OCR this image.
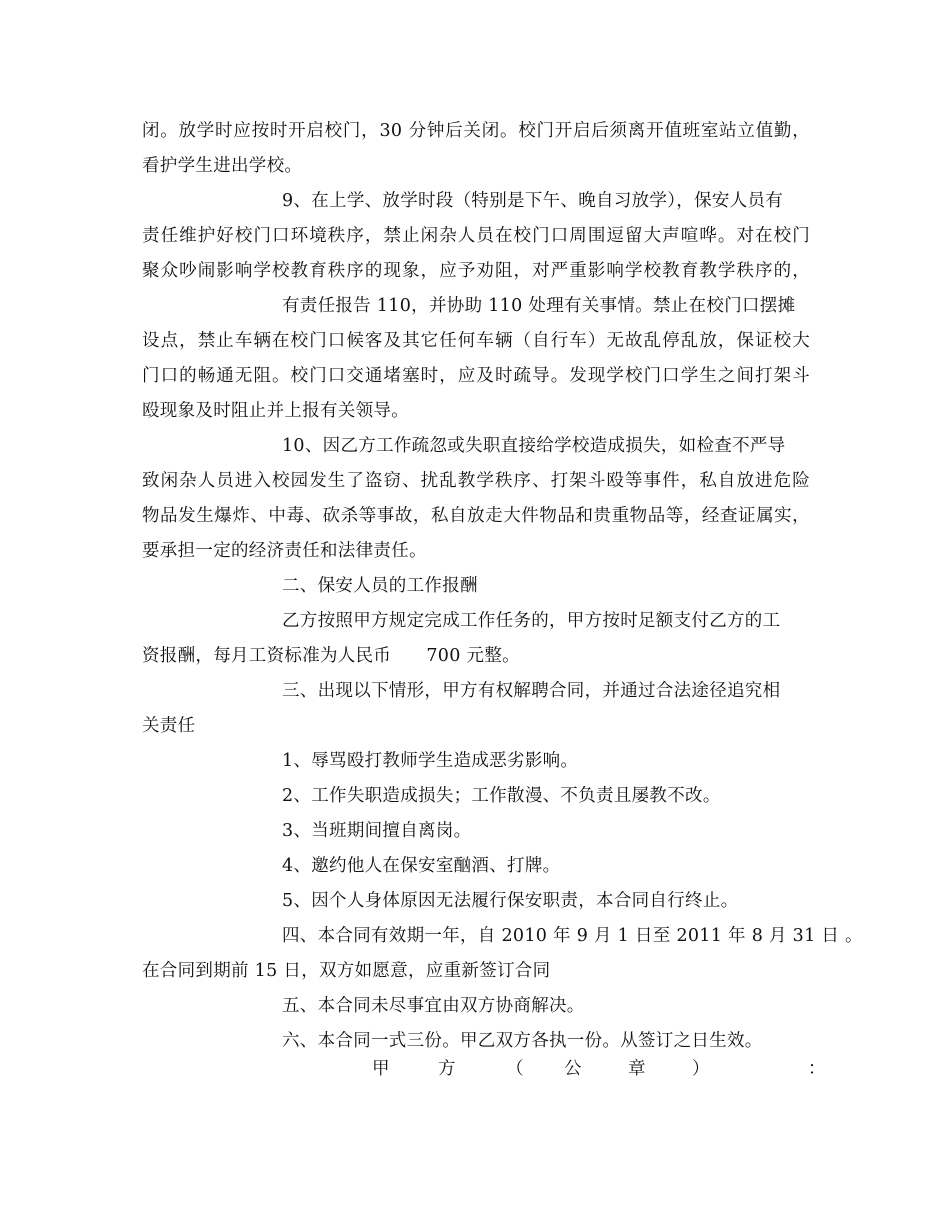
闭。放学时应按时开启校门，30 分钟后关闭。校门开启后须离开值班室站立值勤，
看护学生进出学校。
9、在上学、放学时段（特别是下午、晚自习放学），保安人员有
责任维护好校门口环境秩序，禁止闲杂人员在校门口周围逗留大声喧哗。对在校门
聚众吵闹影响学校教育秩序的现象，应予劝阻，对严重影响学校教育教学秩序的，
有责任报告 110，并协助 110 处理有关事情。禁止在校门口摆摊
设点，禁止车辆在校门口候客及其它任何车辆（自行车）无故乱停乱放，保证校大
门口的畅通无阻。校门口交通堵塞时，应及时疏导。发现学校门口学生之间打架斗
殴现象及时阻止并上报有关领导。
10、因乙方工作疏忽或失职直接给学校造成损失，如检查不严导
致闲杂人员进入校园发生了盗窃、扰乱教学秩序、打架斗殴等事件，私自放进危险
物品发生爆炸、中毒、砍杀等事故，私自放走大件物品和贵重物品等，经查证属实，
要承担一定的经济责任和法律责任。
二、保安人员的工作报酬
乙方按照甲方规定完成工作任务的，甲方按时足额支付乙方的工
资报酬，每月工资标准为人民币      700 元整。
三、出现以下情形，甲方有权解聘合同，并通过合法途径追究相
关责任
1、辱骂殴打教师学生造成恶劣影响。
2、工作失职造成损失；工作散漫、不负责且屡教不改。
3、当班期间擅自离岗。
4、邀约他人在保安室酗酒、打牌。
5、因个人身体原因无法履行保安职责，本合同自行终止。
四、本合同有效期一年，自 2010 年 9 月 1 日至 2011 年 8 月 31 日 。
在合同到期前 15 日，双方如愿意，应重新签订合同
五、本合同未尽事宜由双方协商解决。
六、本合同一式三份。甲乙双方各执一份。从签订之日生效。
甲	方	（ 公	章	）	：
